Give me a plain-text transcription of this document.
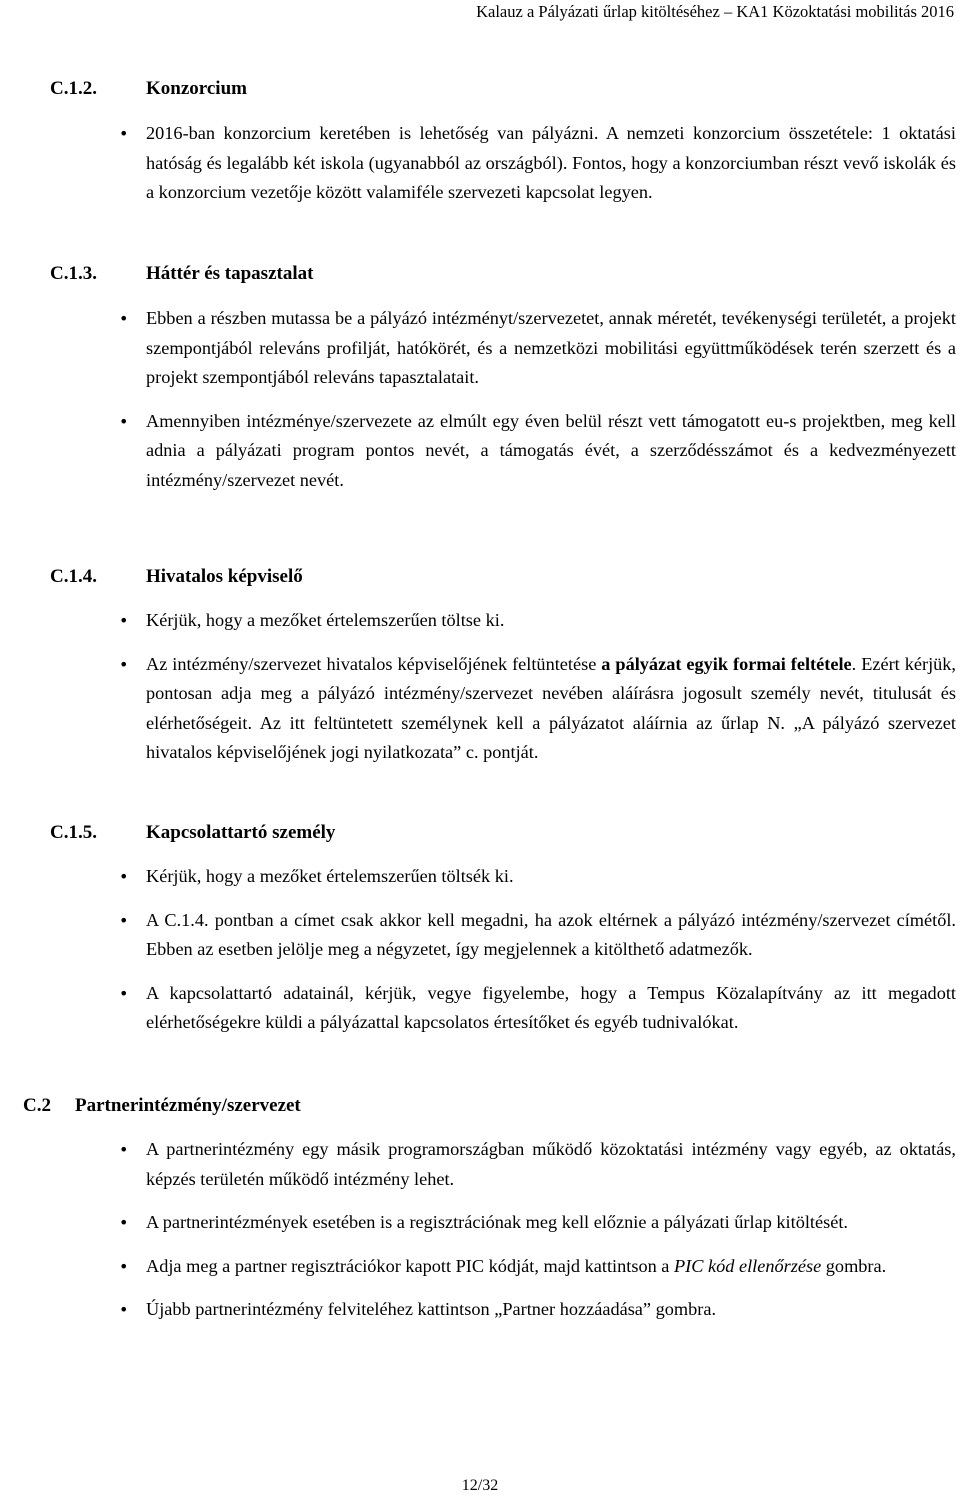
Kalauz a Pályázati űrlap kitöltéséhez – KA1 Közoktatási mobilitás 2016
C.1.2.	Konzorcium
• 2016-ban konzorcium keretében is lehetőség van pályázni. A nemzeti konzorcium összetétele: 1 oktatási hatóság és legalább két iskola (ugyanabból az országból). Fontos, hogy a konzorciumban részt vevő iskolák és a konzorcium vezetője között valamiféle szervezeti kapcsolat legyen.
C.1.3.	Háttér és tapasztalat
• Ebben a részben mutassa be a pályázó intézményt/szervezetet, annak méretét, tevékenységi területét, a projekt szempontjából releváns profilját, hatókörét, és a nemzetközi mobilitási együttműködések terén szerzett és a projekt szempontjából releváns tapasztalatait.
• Amennyiben intézménye/szervezete az elmúlt egy éven belül részt vett támogatott eu-s projektben, meg kell adnia a pályázati program pontos nevét, a támogatás évét, a szerződésszámot és a kedvezményezett intézmény/szervezet nevét.
C.1.4.	Hivatalos képviselő
• Kérjük, hogy a mezőket értelemszerűen töltse ki.
• Az intézmény/szervezet hivatalos képviselőjének feltüntetése a pályázat egyik formai feltétele. Ezért kérjük, pontosan adja meg a pályázó intézmény/szervezet nevében aláírásra jogosult személy nevét, titulusát és elérhetőségeit. Az itt feltüntetett személynek kell a pályázatot aláírnia az űrlap N. „A pályázó szervezet hivatalos képviselőjének jogi nyilatkozata” c. pontját.
C.1.5.	Kapcsolattartó személy
• Kérjük, hogy a mezőket értelemszerűen töltsék ki.
• A C.1.4. pontban a címet csak akkor kell megadni, ha azok eltérnek a pályázó intézmény/szervezet címétől. Ebben az esetben jelölje meg a négyzetet, így megjelennek a kitölthető adatmezők.
• A kapcsolattartó adatainál, kérjük, vegye figyelembe, hogy a Tempus Közalapítvány az itt megadott elérhetőségekre küldi a pályázattal kapcsolatos értesítőket és egyéb tudnivalókat.
C.2 Partnerintézmény/szervezet
• A partnerintézmény egy másik programországban működő közoktatási intézmény vagy egyéb, az oktatás, képzés területén működő intézmény lehet.
• A partnerintézmények esetében is a regisztrációnak meg kell előznie a pályázati űrlap kitöltését.
• Adja meg a partner regisztrációkor kapott PIC kódját, majd kattintson a PIC kód ellenőrzése gombra.
• Újabb partnerintézmény felviteléhez kattintson „Partner hozzáadása” gombra.
12/32
